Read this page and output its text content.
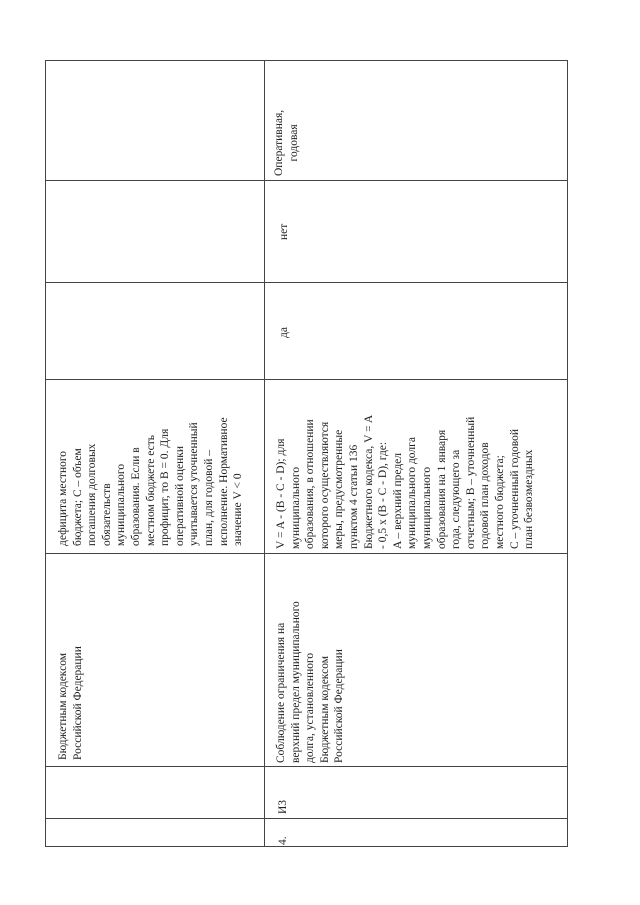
Бюджетным кодексом
Российской Федерации
дефицита местного
бюджета; С – объем
погашения долговых
обязательств
муниципального
образования. Если в
местном бюджете есть
профицит, то В = 0. Для
оперативной оценки
учитывается уточненный
план, для годовой –
исполнение. Нормативное
значение V < 0
Оперативная,
годовая
4.
И3
Соблюдение ограничения на
верхний предел муниципального
долга, установленного
Бюджетным кодексом
Российской Федерации
V = A - (B - C - D); для
муниципального
образования, в отношении
которого осуществляются
меры, предусмотренные
пунктом 4 статьи 136
Бюджетного кодекса, V = A
- 0,5 x (B - C - D), где:
A – верхний предел
муниципального долга
муниципального
образования на 1 января
года, следующего за
отчетным; B – уточненный
годовой план доходов
местного бюджета;
C – уточненный годовой
план безвозмездных
да
нет
